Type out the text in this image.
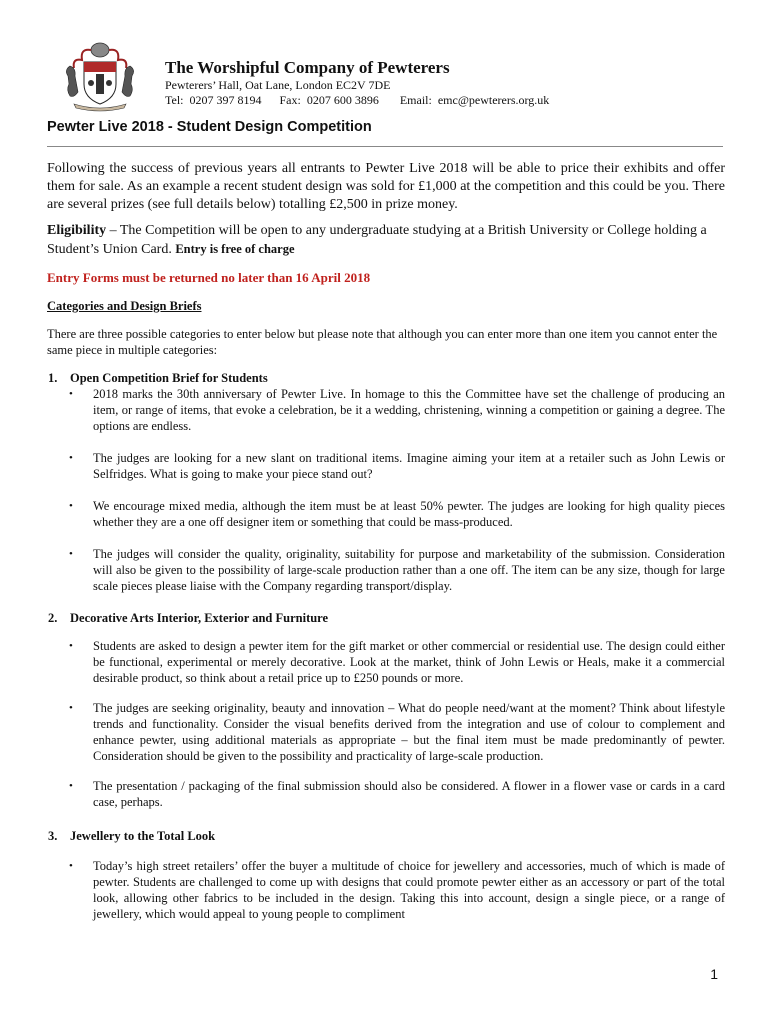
The Worshipful Company of Pewterers

Pewterers’ Hall, Oat Lane, London EC2V 7DE

Tel:  0207 397 8194 Fax:  0207 600 3896 Email:  emc@pewterers.org.uk

Pewter Live 2018 - Student Design Competition

Following the success of previous years all entrants to Pewter Live 2018 will be able to price their exhibits and offer them for sale. As an example a recent student design was sold for £1,000 at the competition and this could be you. There are several prizes (see full details below) totalling £2,500 in prize money.

Eligibility – The Competition will be open to any undergraduate studying at a British University or College holding a Student’s Union Card. Entry is free of charge

Entry Forms must be returned no later than 16 April 2018

Categories and Design Briefs

There are three possible categories to enter below but please note that although you can enter more than one item you cannot enter the same piece in multiple categories:

1.	Open Competition Brief for Students

•	2018 marks the 30th anniversary of Pewter Live. In homage to this the Committee have set the challenge of producing an item, or range of items, that evoke a celebration, be it a wedding, christening, winning a competition or gaining a degree. The options are endless.
•	The judges are looking for a new slant on traditional items. Imagine aiming your item at a retailer such as John Lewis or Selfridges. What is going to make your piece stand out?
•	We encourage mixed media, although the item must be at least 50% pewter. The judges are looking for high quality pieces whether they are a one off designer item or something that could be mass-produced.
•	The judges will consider the quality, originality, suitability for purpose and marketability of the submission. Consideration will also be given to the possibility of large-scale production rather than a one off. The item can be any size, though for large scale pieces please liaise with the Company regarding transport/display.

2.	Decorative Arts Interior, Exterior and Furniture

•	Students are asked to design a pewter item for the gift market or other commercial or residential use. The design could either be functional, experimental or merely decorative. Look at the market, think of John Lewis or Heals, make it a commercial desirable product, so think about a retail price up to £250 pounds or more.
•	The judges are seeking originality, beauty and innovation – What do people need/want at the moment? Think about lifestyle trends and functionality. Consider the visual benefits derived from the integration and use of colour to complement and enhance pewter, using additional materials as appropriate – but the final item must be made predominantly of pewter. Consideration should be given to the possibility and practicality of large-scale production.
•	The presentation / packaging of the final submission should also be considered. A flower in a flower vase or cards in a card case, perhaps.

3.	Jewellery to the Total Look

•	Today’s high street retailers’ offer the buyer a multitude of choice for jewellery and accessories, much of which is made of pewter. Students are challenged to come up with designs that could promote pewter either as an accessory or part of the total look, allowing other fabrics to be included in the design. Taking this into account, design a single piece, or a range of jewellery, which would appeal to young people to compliment
1
